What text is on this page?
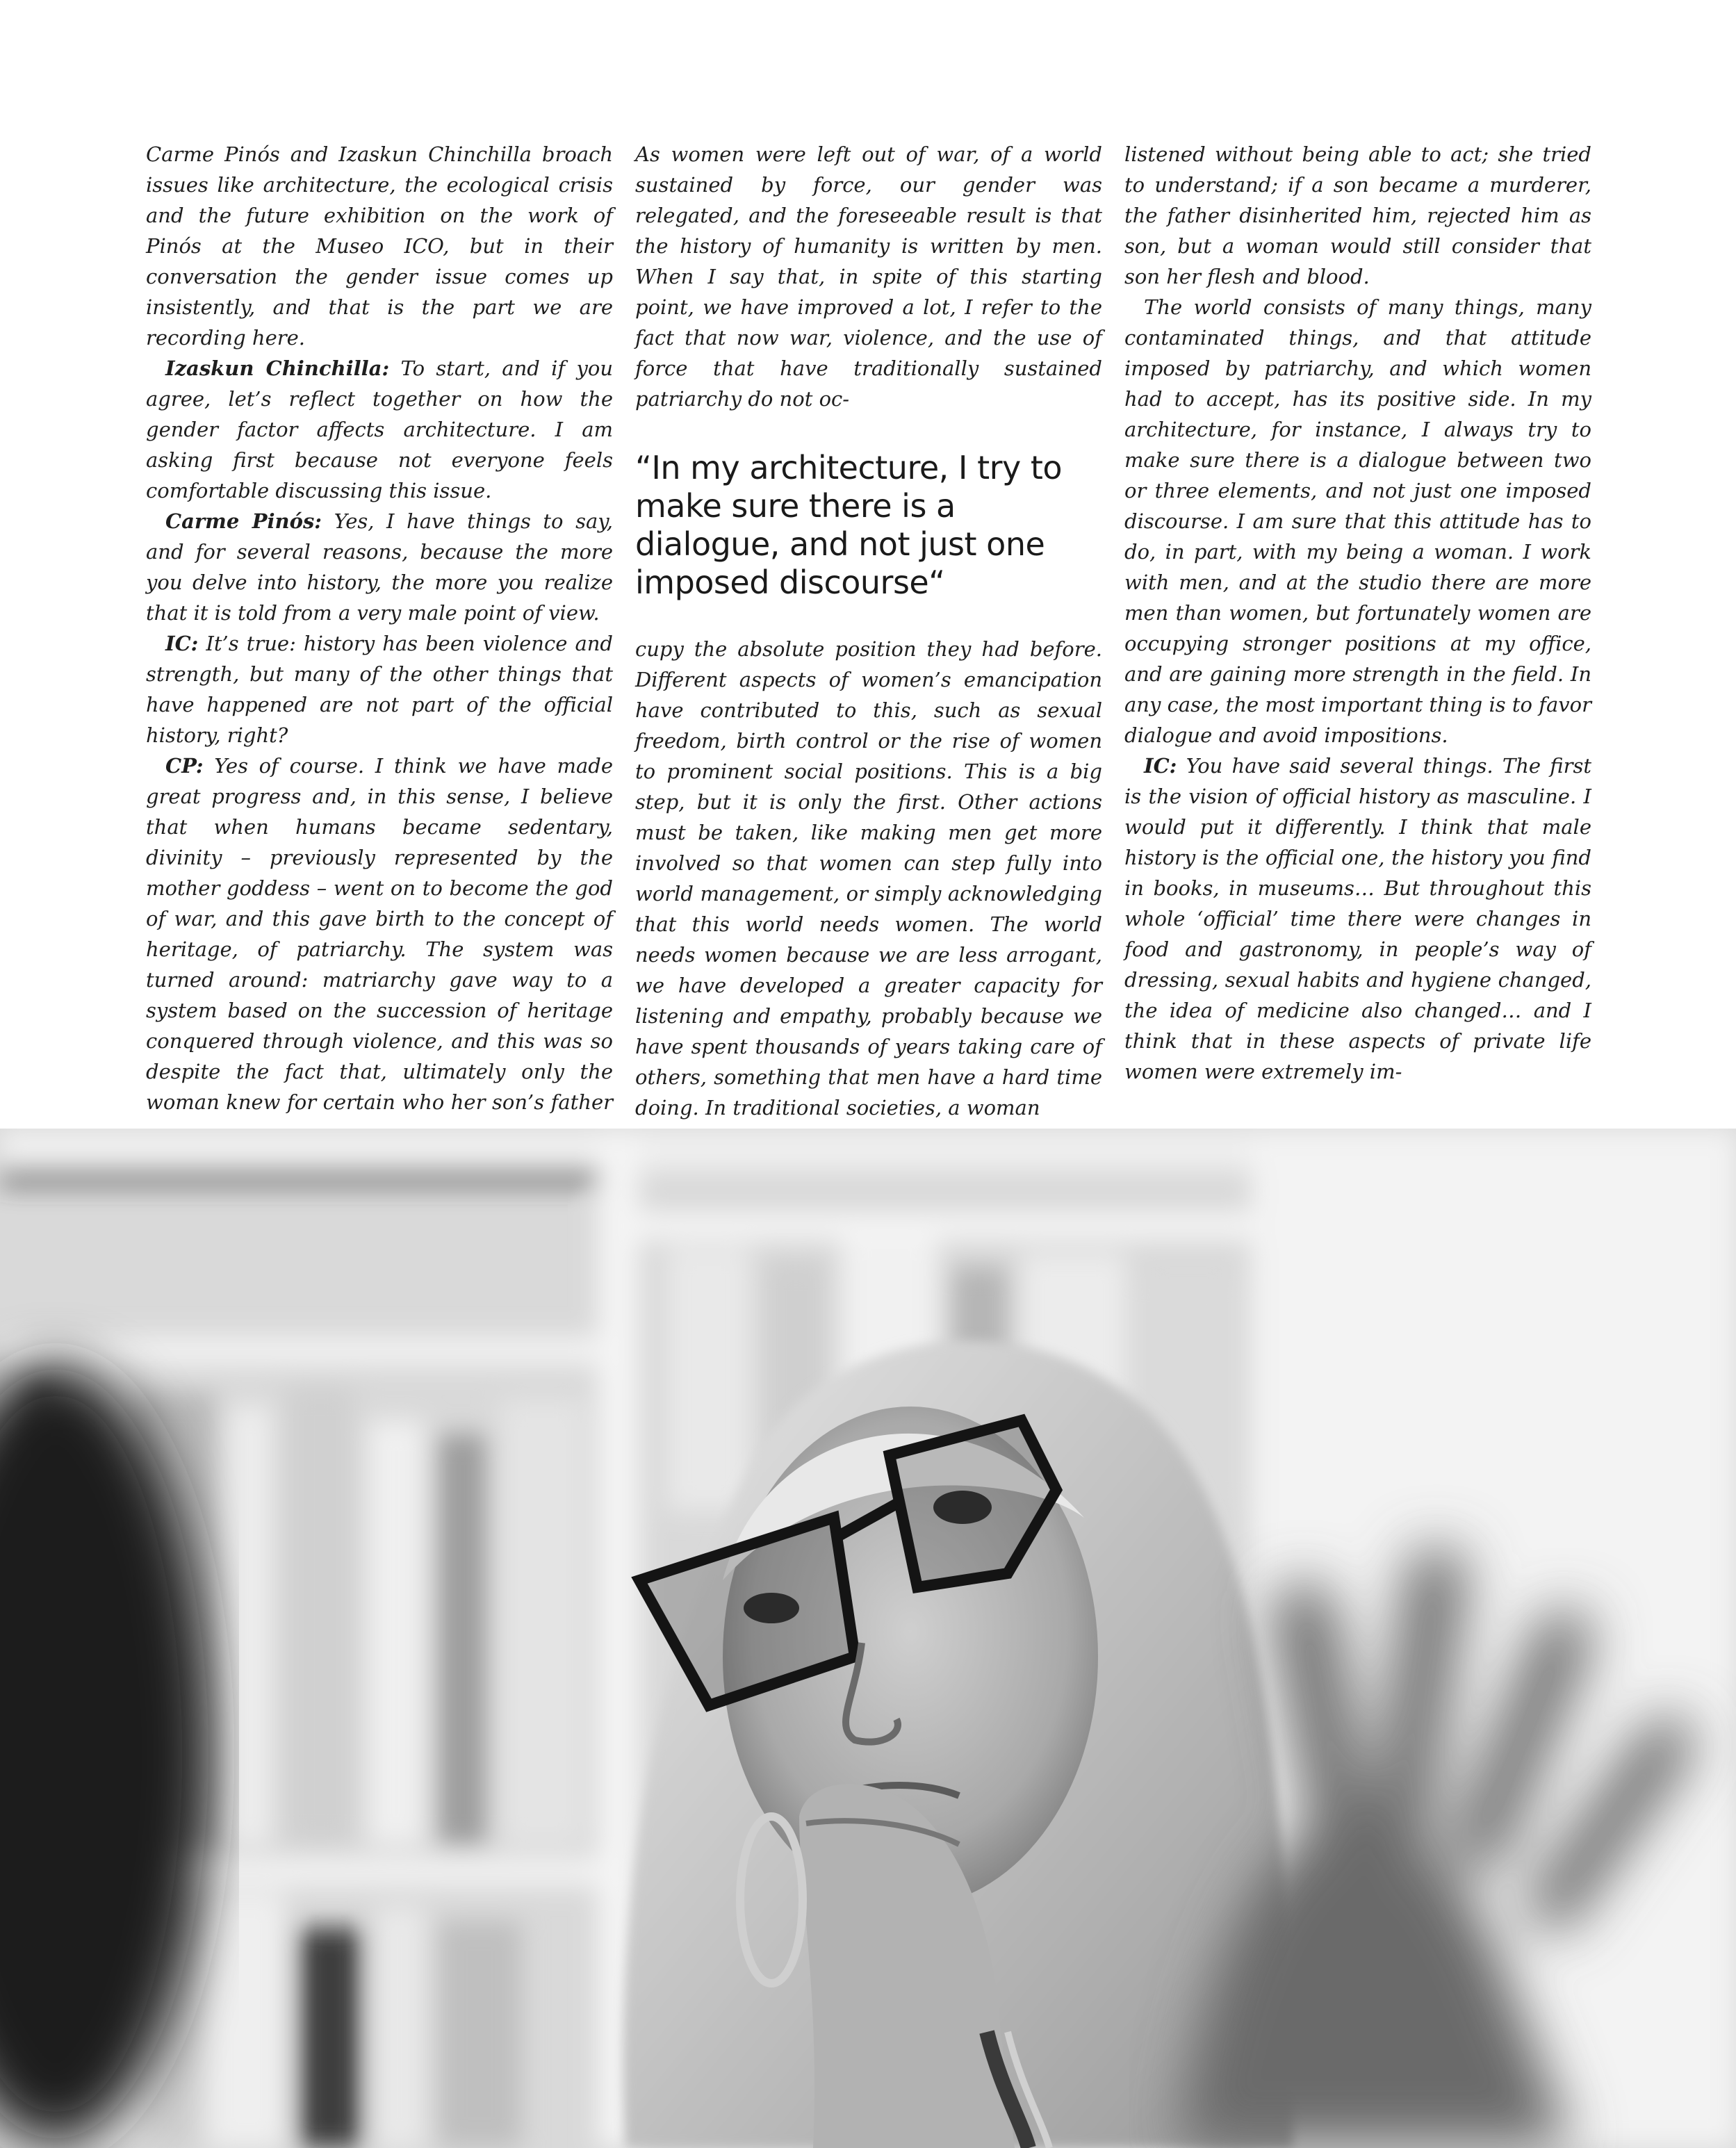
Carme Pinós and Izaskun Chinchilla broach issues like architecture, the ecological crisis and the future exhibition on the work of Pinós at the Museo ICO, but in their conversation the gender issue comes up insistently, and that is the part we are recording here.

Izaskun Chinchilla: To start, and if you agree, let’s reflect together on how the gender factor affects architecture. I am asking first because not everyone feels comfortable discussing this issue.

Carme Pinós: Yes, I have things to say, and for several reasons, because the more you delve into history, the more you realize that it is told from a very male point of view.

IC: It’s true: history has been violence and strength, but many of the other things that have happened are not part of the official history, right?

CP: Yes of course. I think we have made great progress and, in this sense, I believe that when humans became sedentary, divinity – previously represented by the mother goddess – went on to become the god of war, and this gave birth to the concept of heritage, of patriarchy. The system was turned around: matriarchy gave way to a system based on the succession of heritage conquered through violence, and this was so despite the fact that, ultimately only the woman knew for certain who her son’s father

As women were left out of war, of a world sustained by force, our gender was relegated, and the foreseeable result is that the history of humanity is written by men. When I say that, in spite of this starting point, we have improved a lot, I refer to the fact that now war, violence, and the use of force that have traditionally sustained patriarchy do not oc-

“In my architecture, I try to make sure there is a dialogue, and not just one imposed discourse“

cupy the absolute position they had before. Different aspects of women’s emancipation have contributed to this, such as sexual freedom, birth control or the rise of women to prominent social positions. This is a big step, but it is only the first. Other actions must be taken, like making men get more involved so that women can step fully into world management, or simply acknowledging that this world needs women. The world needs women because we are less arrogant, we have developed a greater capacity for listening and empathy, probably because we have spent thousands of years taking care of others, something that men have a hard time doing. In traditional societies, a woman

listened without being able to act; she tried to understand; if a son became a murderer, the father disinherited him, rejected him as son, but a woman would still consider that son her flesh and blood.

The world consists of many things, many contaminated things, and that attitude imposed by patriarchy, and which women had to accept, has its positive side. In my architecture, for instance, I always try to make sure there is a dialogue between two or three elements, and not just one imposed discourse. I am sure that this attitude has to do, in part, with my being a woman. I work with men, and at the studio there are more men than women, but fortunately women are occupying stronger positions at my office, and are gaining more strength in the field. In any case, the most important thing is to favor dialogue and avoid impositions.

IC: You have said several things. The first is the vision of official history as masculine. I would put it differently. I think that male history is the official one, the history you find in books, in museums… But throughout this whole ‘official’ time there were changes in food and gastronomy, in people’s way of dressing, sexual habits and hygiene changed, the idea of medicine also changed… and I think that in these aspects of private life women were extremely im-
